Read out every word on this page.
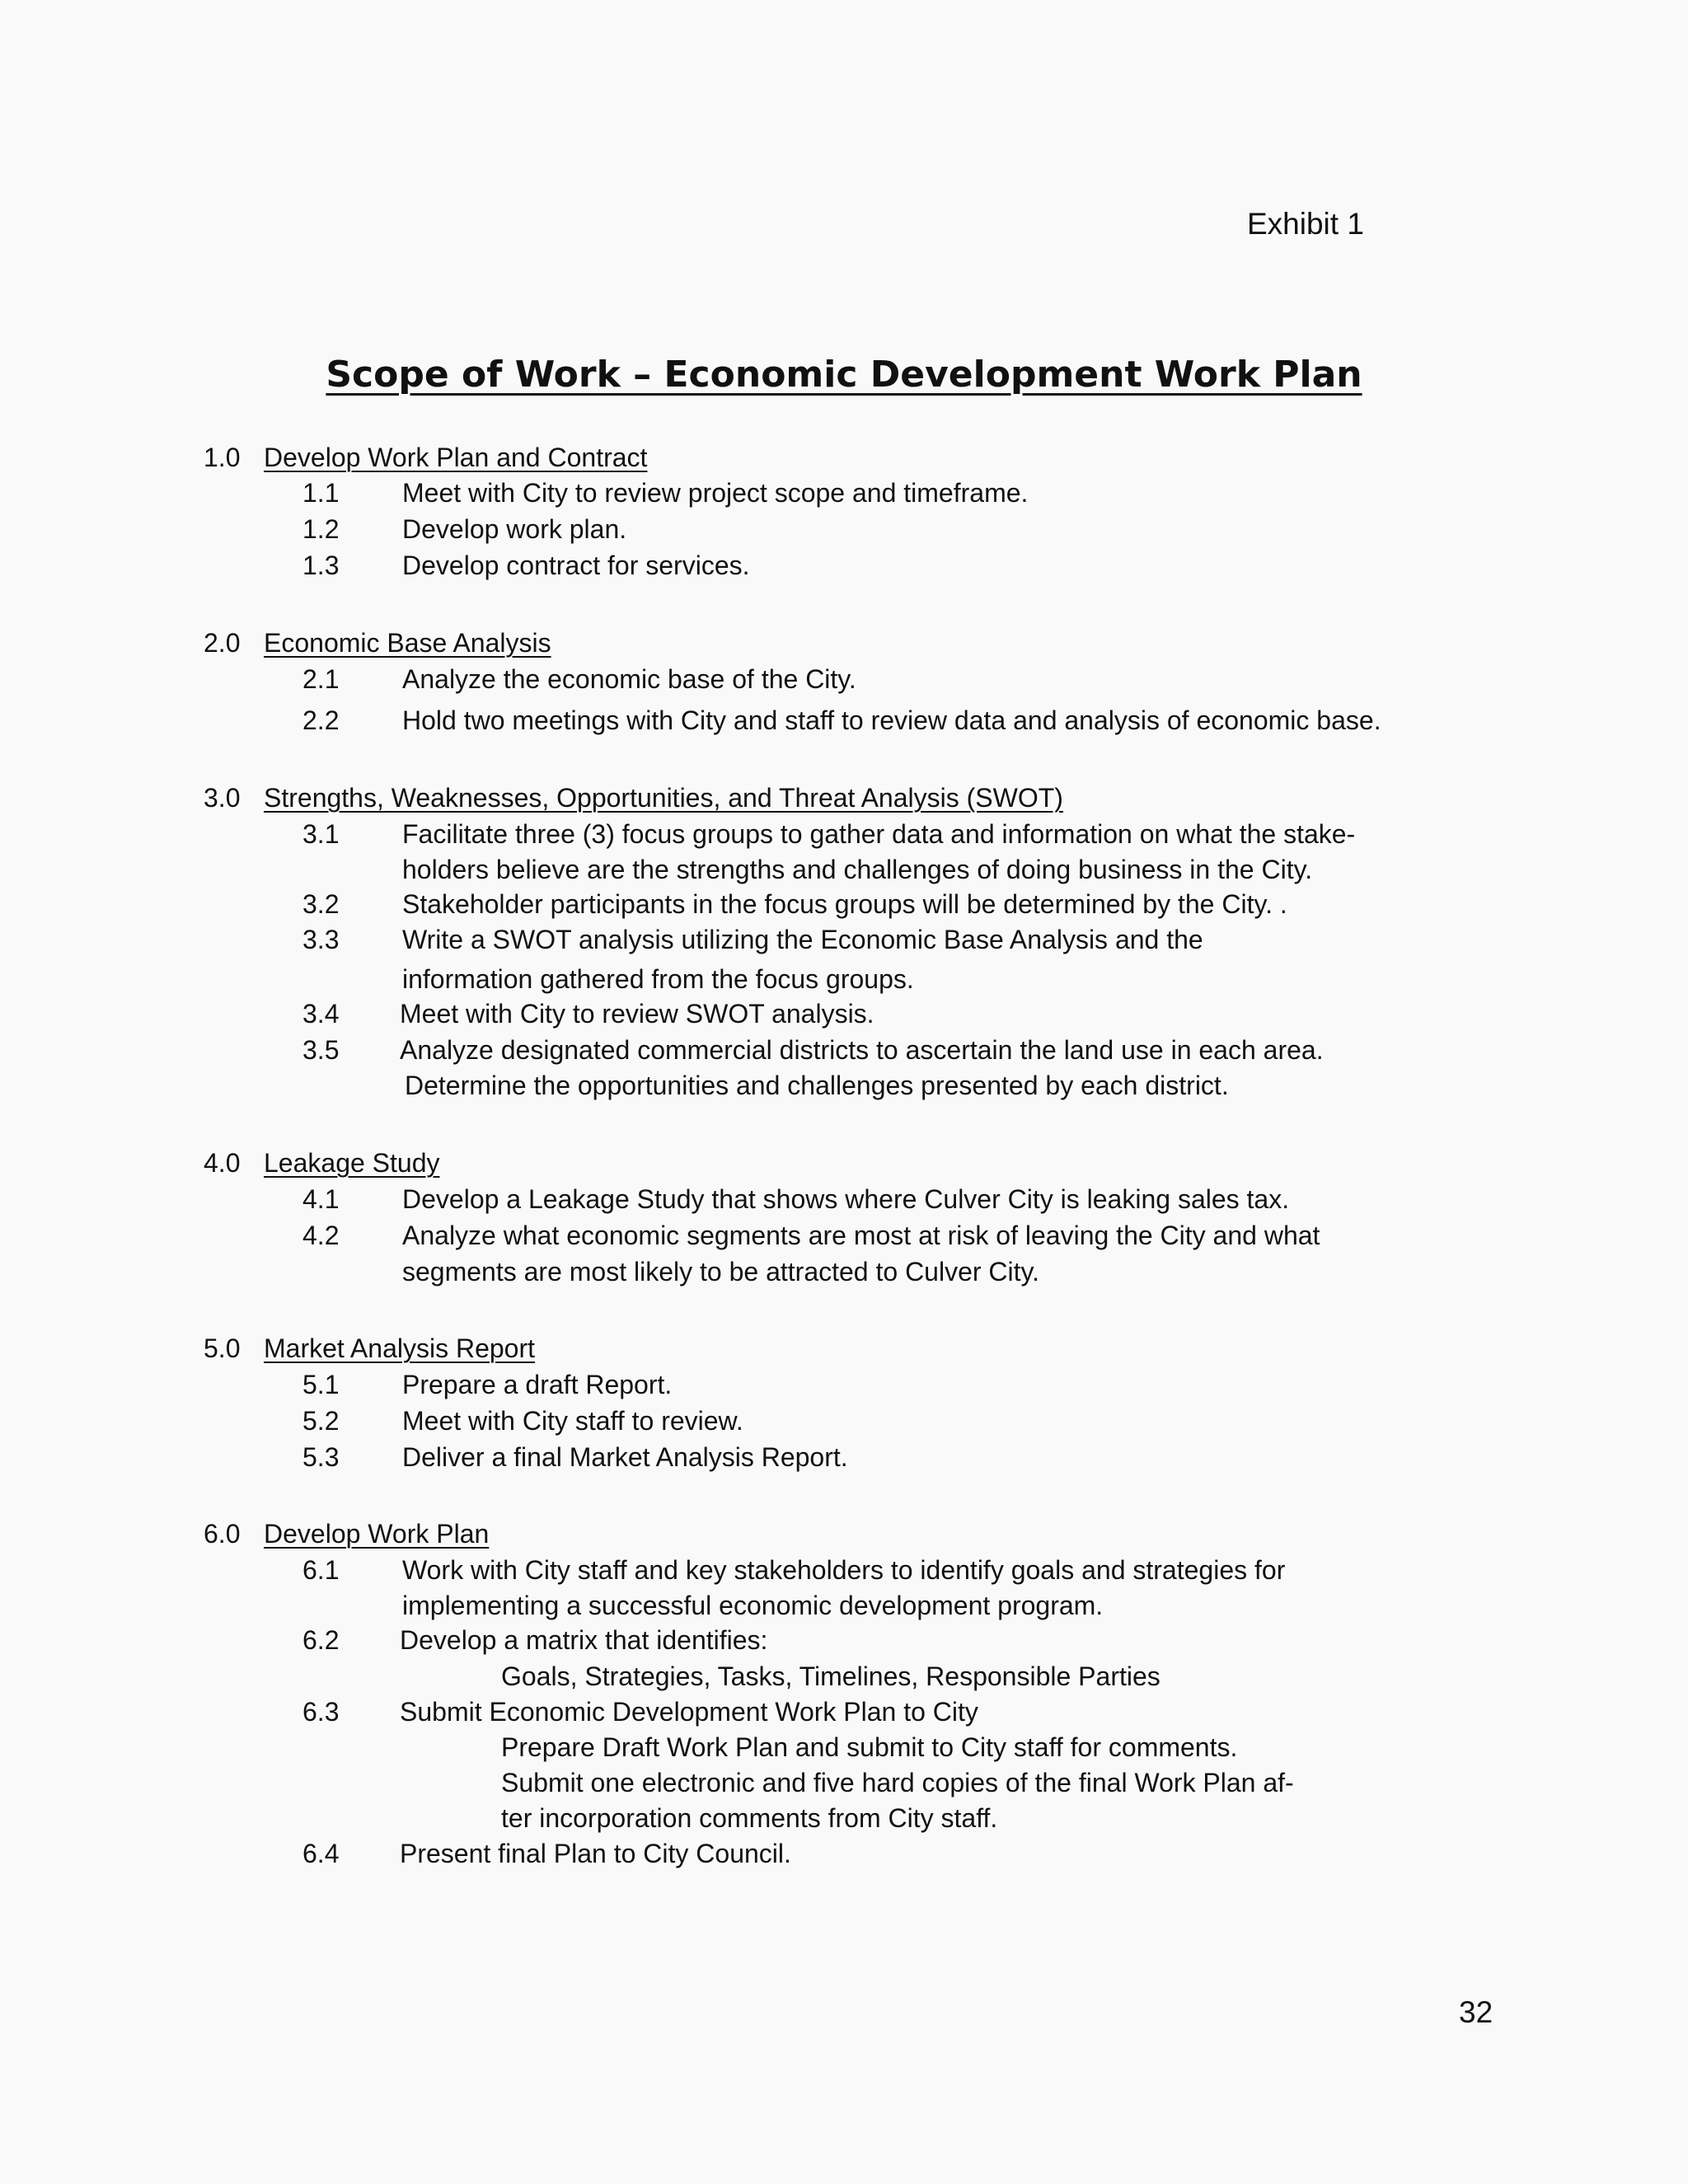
Exhibit 1
Scope of Work – Economic Development Work Plan
1.0 Develop Work Plan and Contract
1.1 Meet with City to review project scope and timeframe.
1.2 Develop work plan.
1.3 Develop contract for services.
2.0 Economic Base Analysis
2.1 Analyze the economic base of the City.
2.2 Hold two meetings with City and staff to review data and analysis of economic base.
3.0 Strengths, Weaknesses, Opportunities, and Threat Analysis (SWOT)
3.1 Facilitate three (3) focus groups to gather data and information on what the stake-
holders believe are the strengths and challenges of doing business in the City.
3.2 Stakeholder participants in the focus groups will be determined by the City. .
3.3 Write a SWOT analysis utilizing the Economic Base Analysis and the
information gathered from the focus groups.
3.4 Meet with City to review SWOT analysis.
3.5 Analyze designated commercial districts to ascertain the land use in each area.
Determine the opportunities and challenges presented by each district.
4.0 Leakage Study
4.1 Develop a Leakage Study that shows where Culver City is leaking sales tax.
4.2 Analyze what economic segments are most at risk of leaving the City and what
segments are most likely to be attracted to Culver City.
5.0 Market Analysis Report
5.1 Prepare a draft Report.
5.2 Meet with City staff to review.
5.3 Deliver a final Market Analysis Report.
6.0 Develop Work Plan
6.1 Work with City staff and key stakeholders to identify goals and strategies for
implementing a successful economic development program.
6.2 Develop a matrix that identifies:
Goals, Strategies, Tasks, Timelines, Responsible Parties
6.3 Submit Economic Development Work Plan to City
Prepare Draft Work Plan and submit to City staff for comments.
Submit one electronic and five hard copies of the final Work Plan af-
ter incorporation comments from City staff.
6.4 Present final Plan to City Council.
32
